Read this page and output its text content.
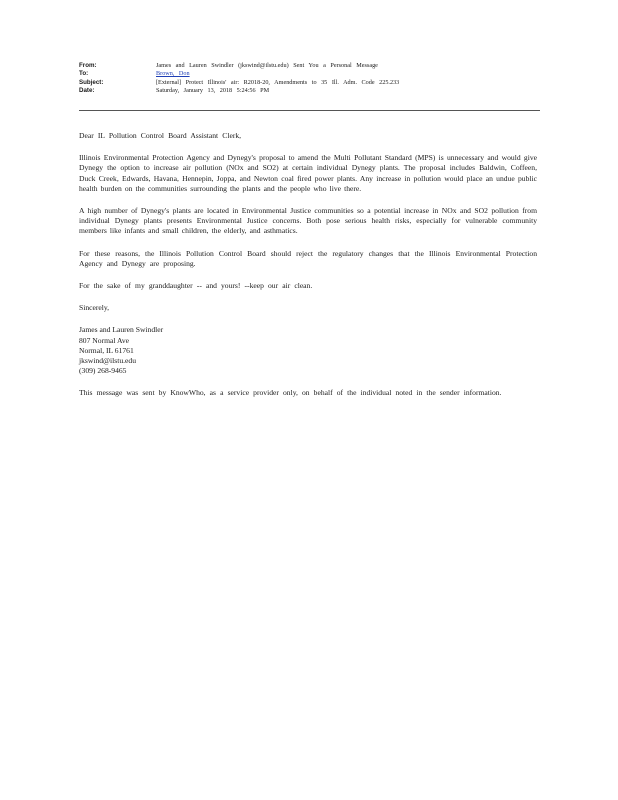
From:	James and Lauren Swindler (jkswind@ilstu.edu) Sent You a Personal Message
To:	Brown, Don
Subject:	[External] Protect Illinois' air: R2018-20, Amendments to 35 Ill. Adm. Code 225.233
Date:	Saturday, January 13, 2018 5:24:56 PM

Dear IL Pollution Control Board Assistant Clerk,

Illinois Environmental Protection Agency and Dynegy's proposal to amend the Multi Pollutant Standard (MPS) is unnecessary and would give Dynegy the option to increase air pollution (NOx and SO2) at certain individual Dynegy plants. The proposal includes Baldwin, Coffeen, Duck Creek, Edwards, Havana, Hennepin, Joppa, and Newton coal fired power plants. Any increase in pollution would place an undue public health burden on the communities surrounding the plants and the people who live there.

A high number of Dynegy's plants are located in Environmental Justice communities so a potential increase in NOx and SO2 pollution from individual Dynegy plants presents Environmental Justice concerns. Both pose serious health risks, especially for vulnerable community members like infants and small children, the elderly, and asthmatics.

For these reasons, the Illinois Pollution Control Board should reject the regulatory changes that the Illinois Environmental Protection Agency and Dynegy are proposing.

For the sake of my granddaughter -- and yours! --keep our air clean.

Sincerely,

James and Lauren Swindler
807 Normal Ave
Normal, IL 61761
jkswind@ilstu.edu
(309) 268-9465

This message was sent by KnowWho, as a service provider only, on behalf of the individual noted in the sender information.
